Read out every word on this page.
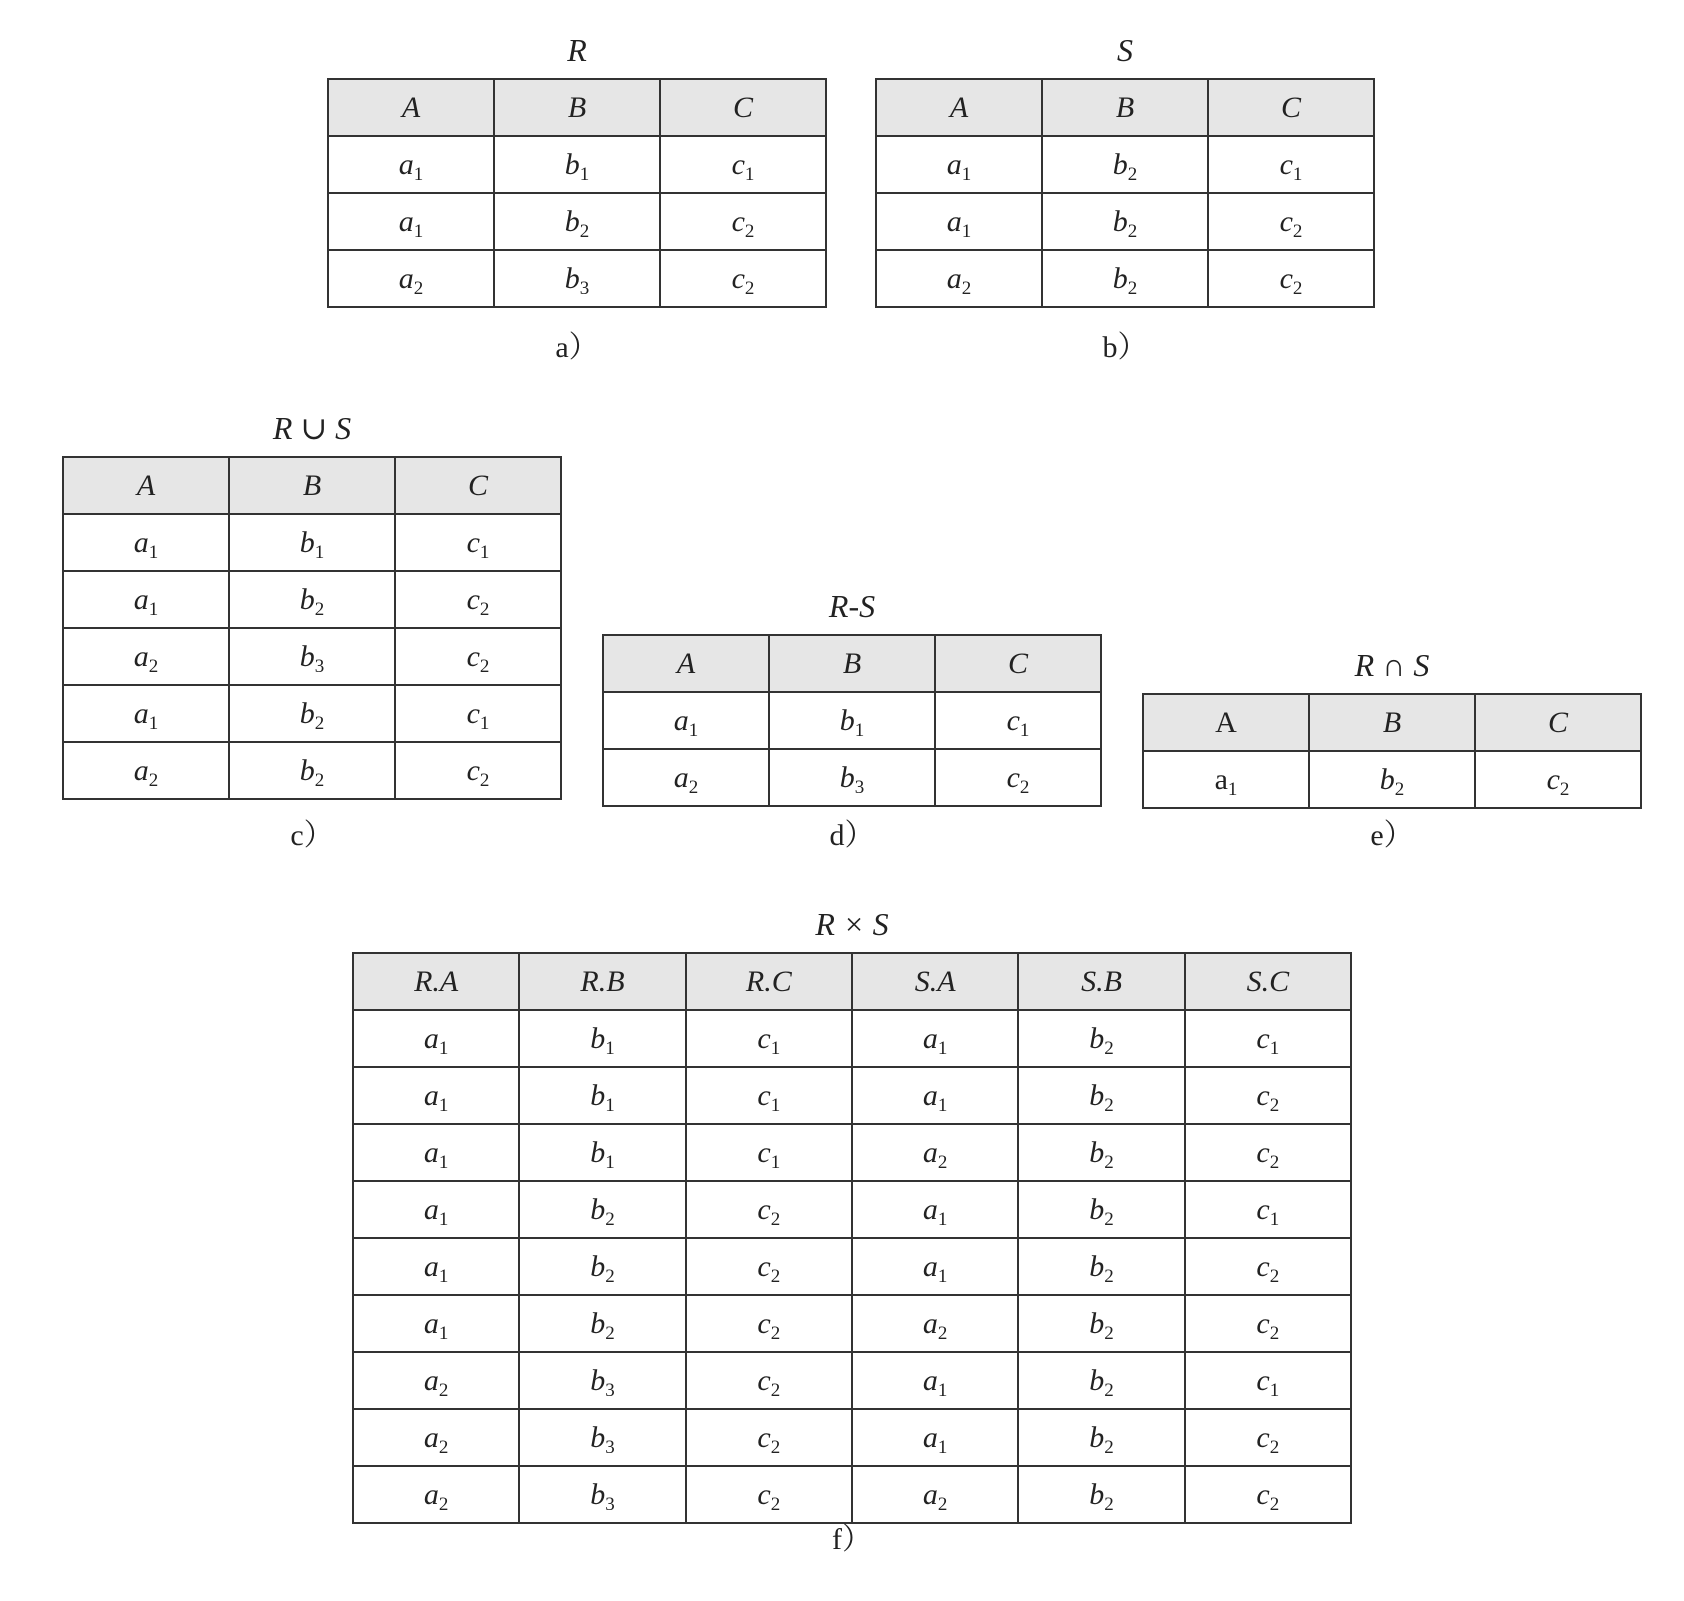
R
A	B	C
$a_1$	$b_1$	$c_1$
$a_1$	$b_2$	$c_2$
$a_2$	$b_3$	$c_2$
a）
S
A	B	C
$a_1$	$b_2$	$c_1$
$a_1$	$b_2$	$c_2$
$a_2$	$b_2$	$c_2$
b）
R ∪ S
A	B	C
$a_1$	$b_1$	$c_1$
$a_1$	$b_2$	$c_2$
$a_2$	$b_3$	$c_2$
$a_1$	$b_2$	$c_1$
$a_2$	$b_2$	$c_2$
c）
R-S
A	B	C
$a_1$	$b_1$	$c_1$
$a_2$	$b_3$	$c_2$
d）
R ∩ S
A	B	C
$a_1$	$b_2$	$c_2$
e）
R × S
R.A	R.B	R.C	S.A	S.B	S.C
$a_1$	$b_1$	$c_1$	$a_1$	$b_2$	$c_1$
$a_1$	$b_1$	$c_1$	$a_1$	$b_2$	$c_2$
$a_1$	$b_1$	$c_1$	$a_2$	$b_2$	$c_2$
$a_1$	$b_2$	$c_2$	$a_1$	$b_2$	$c_1$
$a_1$	$b_2$	$c_2$	$a_1$	$b_2$	$c_2$
$a_1$	$b_2$	$c_2$	$a_2$	$b_2$	$c_2$
$a_2$	$b_3$	$c_2$	$a_1$	$b_2$	$c_1$
$a_2$	$b_3$	$c_2$	$a_1$	$b_2$	$c_2$
$a_2$	$b_3$	$c_2$	$a_2$	$b_2$	$c_2$
f）
